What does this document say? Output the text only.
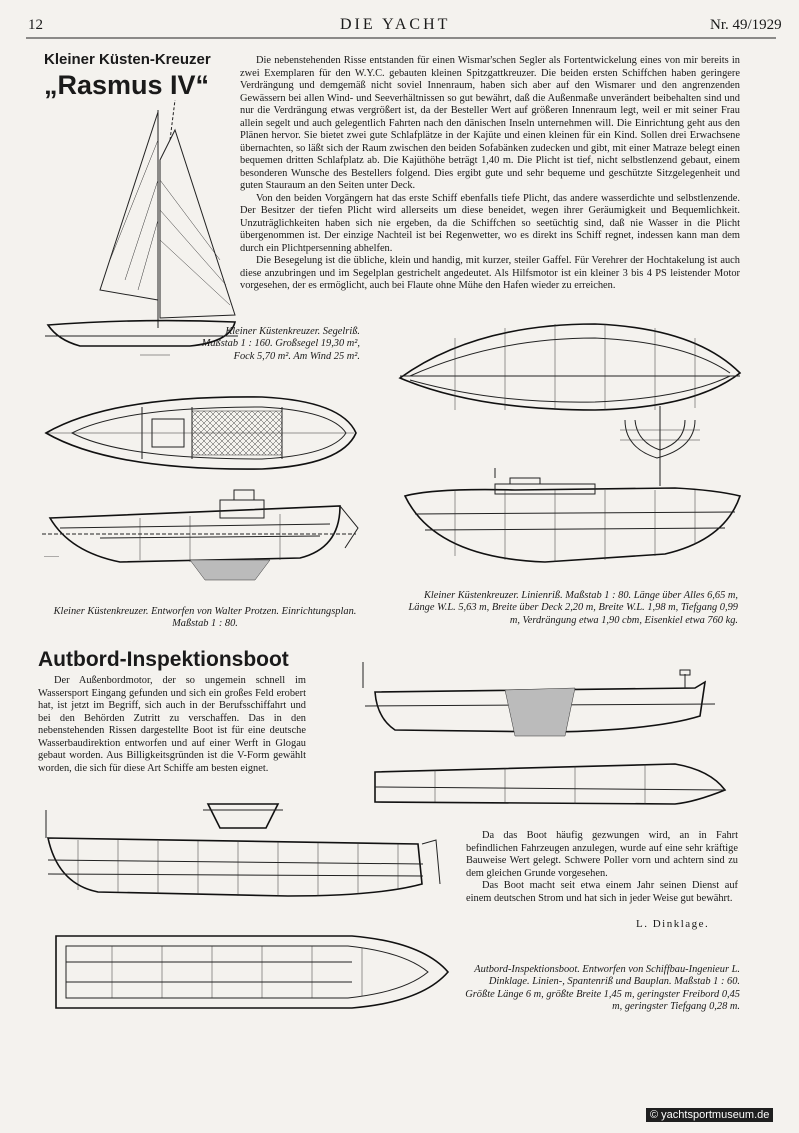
12	DIE YACHT	Nr. 49/1929
Kleiner Küsten-Kreuzer
„Rasmus IV“

Die nebenstehenden Risse entstanden für einen Wismar'schen Segler als Fortentwickelung eines von mir bereits in zwei Exemplaren für den W.Y.C. gebauten kleinen Spitzgattkreuzer. Die beiden ersten Schiffchen haben geringere Verdrängung und demgemäß nicht soviel Innenraum, haben sich aber auf den Wismarer und den angrenzenden Gewässern bei allen Wind- und Seeverhältnissen so gut bewährt, daß die Außenmaße unverändert beibehalten sind und nur die Verdrängung etwas vergrößert ist, da der Besteller Wert auf größeren Innenraum legt, weil er mit seiner Frau allein segelt und auch gelegentlich Fahrten nach den dänischen Inseln unternehmen will. Die Einrichtung geht aus den Plänen hervor. Sie bietet zwei gute Schlafplätze in der Kajüte und einen kleinen für ein Kind. Sollen drei Erwachsene übernachten, so läßt sich der Raum zwischen den beiden Sofabänken zudecken und gibt, mit einer Matraze belegt einen bequemen dritten Schlafplatz ab. Die Kajüthöhe beträgt 1,40 m. Die Plicht ist tief, nicht selbstlenzend gebaut, einem besonderen Wunsche des Bestellers folgend. Dies ergibt gute und sehr bequeme und geschützte Sitzgelegenheit und guten Stauraum an den Seiten unter Deck.

Von den beiden Vorgängern hat das erste Schiff ebenfalls tiefe Plicht, das andere wasserdichte und selbstlenzende. Der Besitzer der tiefen Plicht wird allerseits um diese beneidet, wegen ihrer Geräumigkeit und Bequemlichkeit. Unzuträglichkeiten haben sich nie ergeben, da die Schiffchen so seetüchtig sind, daß nie Wasser in die Plicht übergenommen ist. Der einzige Nachteil ist bei Regenwetter, wo es direkt ins Schiff regnet, indessen kann man dem durch ein Plichtpersenning abhelfen.

Die Besegelung ist die übliche, klein und handig, mit kurzer, steiler Gaffel. Für Verehrer der Hochtakelung ist auch diese anzubringen und im Segelplan gestrichelt angedeutet. Als Hilfsmotor ist ein kleiner 3 bis 4 PS leistender Motor vorgesehen, der es ermöglicht, auch bei Flaute ohne Mühe den Hafen wieder zu erreichen.

Kleiner Küstenkreuzer. Segelriß. Maßstab 1 : 160. Großsegel 19,30 m², Fock 5,70 m². Am Wind 25 m².
———
Kleiner Küstenkreuzer. Entworfen von Walter Protzen. Einrichtungsplan. Maßstab 1 : 80.
Kleiner Küstenkreuzer. Linienriß. Maßstab 1 : 80. Länge über Alles 6,65 m, Länge W.L. 5,63 m, Breite über Deck 2,20 m, Breite W.L. 1,98 m, Tiefgang 0,99 m, Verdrängung etwa 1,90 cbm, Eisenkiel etwa 760 kg.
Autbord-Inspektionsboot

Der Außenbordmotor, der so ungemein schnell im Wassersport Eingang gefunden und sich ein großes Feld erobert hat, ist jetzt im Begriff, sich auch in der Berufsschiffahrt und bei den Behörden Zutritt zu verschaffen. Das in den nebenstehenden Rissen dargestellte Boot ist für eine deutsche Wasserbaudirektion entworfen und auf einer Werft in Glogau gebaut worden. Aus Billigkeitsgründen ist die V-Form gewählt worden, die sich für diese Art Schiffe am besten eignet.

Da das Boot häufig gezwungen wird, an in Fahrt befindlichen Fahrzeugen anzulegen, wurde auf eine sehr kräftige Bauweise Wert gelegt. Schwere Poller vorn und achtern sind zu dem gleichen Grunde vorgesehen.

Das Boot macht seit etwa einem Jahr seinen Dienst auf einem deutschen Strom und hat sich in jeder Weise gut bewährt.

L. Dinklage.
Autbord-Inspektionsboot. Entworfen von Schiffbau-Ingenieur L. Dinklage. Linien-, Spantenriß und Bauplan. Maßstab 1 : 60. Größte Länge 6 m, größte Breite 1,45 m, geringster Freibord 0,45 m, geringster Tiefgang 0,28 m.
© yachtsportmuseum.de
